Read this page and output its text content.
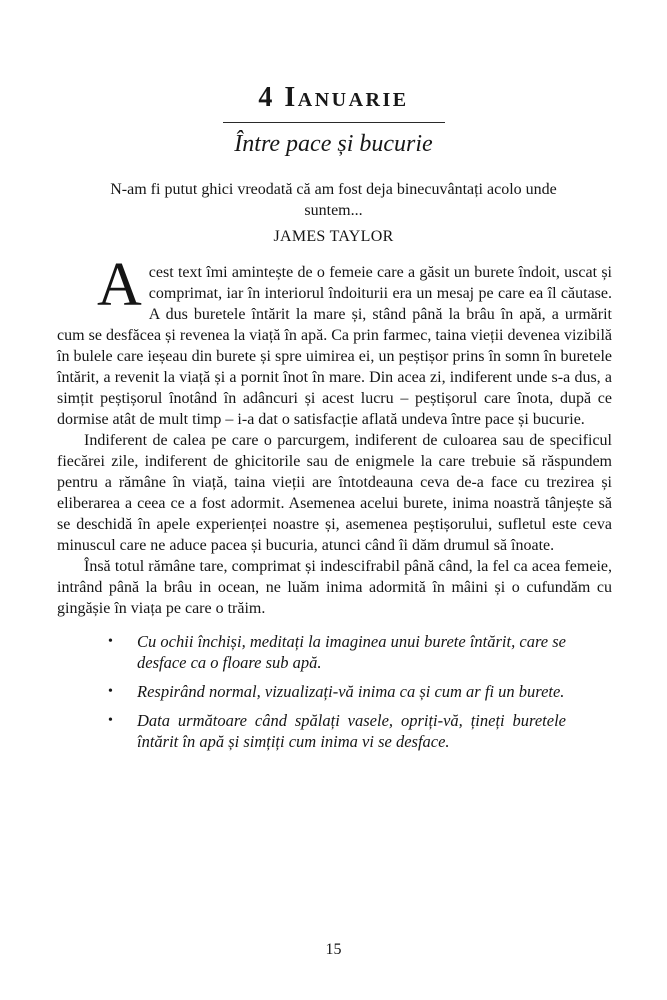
4 Ianuarie
Între pace și bucurie
N-am fi putut ghici vreodată că am fost deja binecuvântați acolo unde suntem...
JAMES TAYLOR

Acest text îmi amintește de o femeie care a găsit un burete îndoit, uscat și comprimat, iar în interiorul îndoiturii era un mesaj pe care ea îl căutase. A dus buretele întărit la mare și, stând până la brâu în apă, a urmărit cum se desfăcea și revenea la viață în apă. Ca prin farmec, taina vieții devenea vizibilă în bulele care ieșeau din burete și spre uimirea ei, un peștișor prins în somn în buretele întărit, a revenit la viață și a pornit înot în mare. Din acea zi, indiferent unde s-a dus, a simțit peștișorul înotând în adâncuri și acest lucru – peștișorul care înota, după ce dormise atât de mult timp – i-a dat o satisfacție aflată undeva între pace și bucurie.

Indiferent de calea pe care o parcurgem, indiferent de culoarea sau de specificul fiecărei zile, indiferent de ghicitorile sau de enigmele la care trebuie să răspundem pentru a rămâne în viață, taina vieții are întotdeauna ceva de-a face cu trezirea și eliberarea a ceea ce a fost adormit. Asemenea acelui burete, inima noastră tânjește să se deschidă în apele experienței noastre și, asemenea peștișorului, sufletul este ceva minuscul care ne aduce pacea și bucuria, atunci când îi dăm drumul să înoate.

Însă totul rămâne tare, comprimat și indescifrabil până când, la fel ca acea femeie, intrând până la brâu in ocean, ne luăm inima adormită în mâini și o cufundăm cu gingășie în viața pe care o trăim.

• Cu ochii închiși, meditați la imaginea unui burete întărit, care se desface ca o floare sub apă.
• Respirând normal, vizualizați-vă inima ca și cum ar fi un burete.
• Data următoare când spălați vasele, opriți-vă, țineți buretele întărit în apă și simțiți cum inima vi se desface.
15
